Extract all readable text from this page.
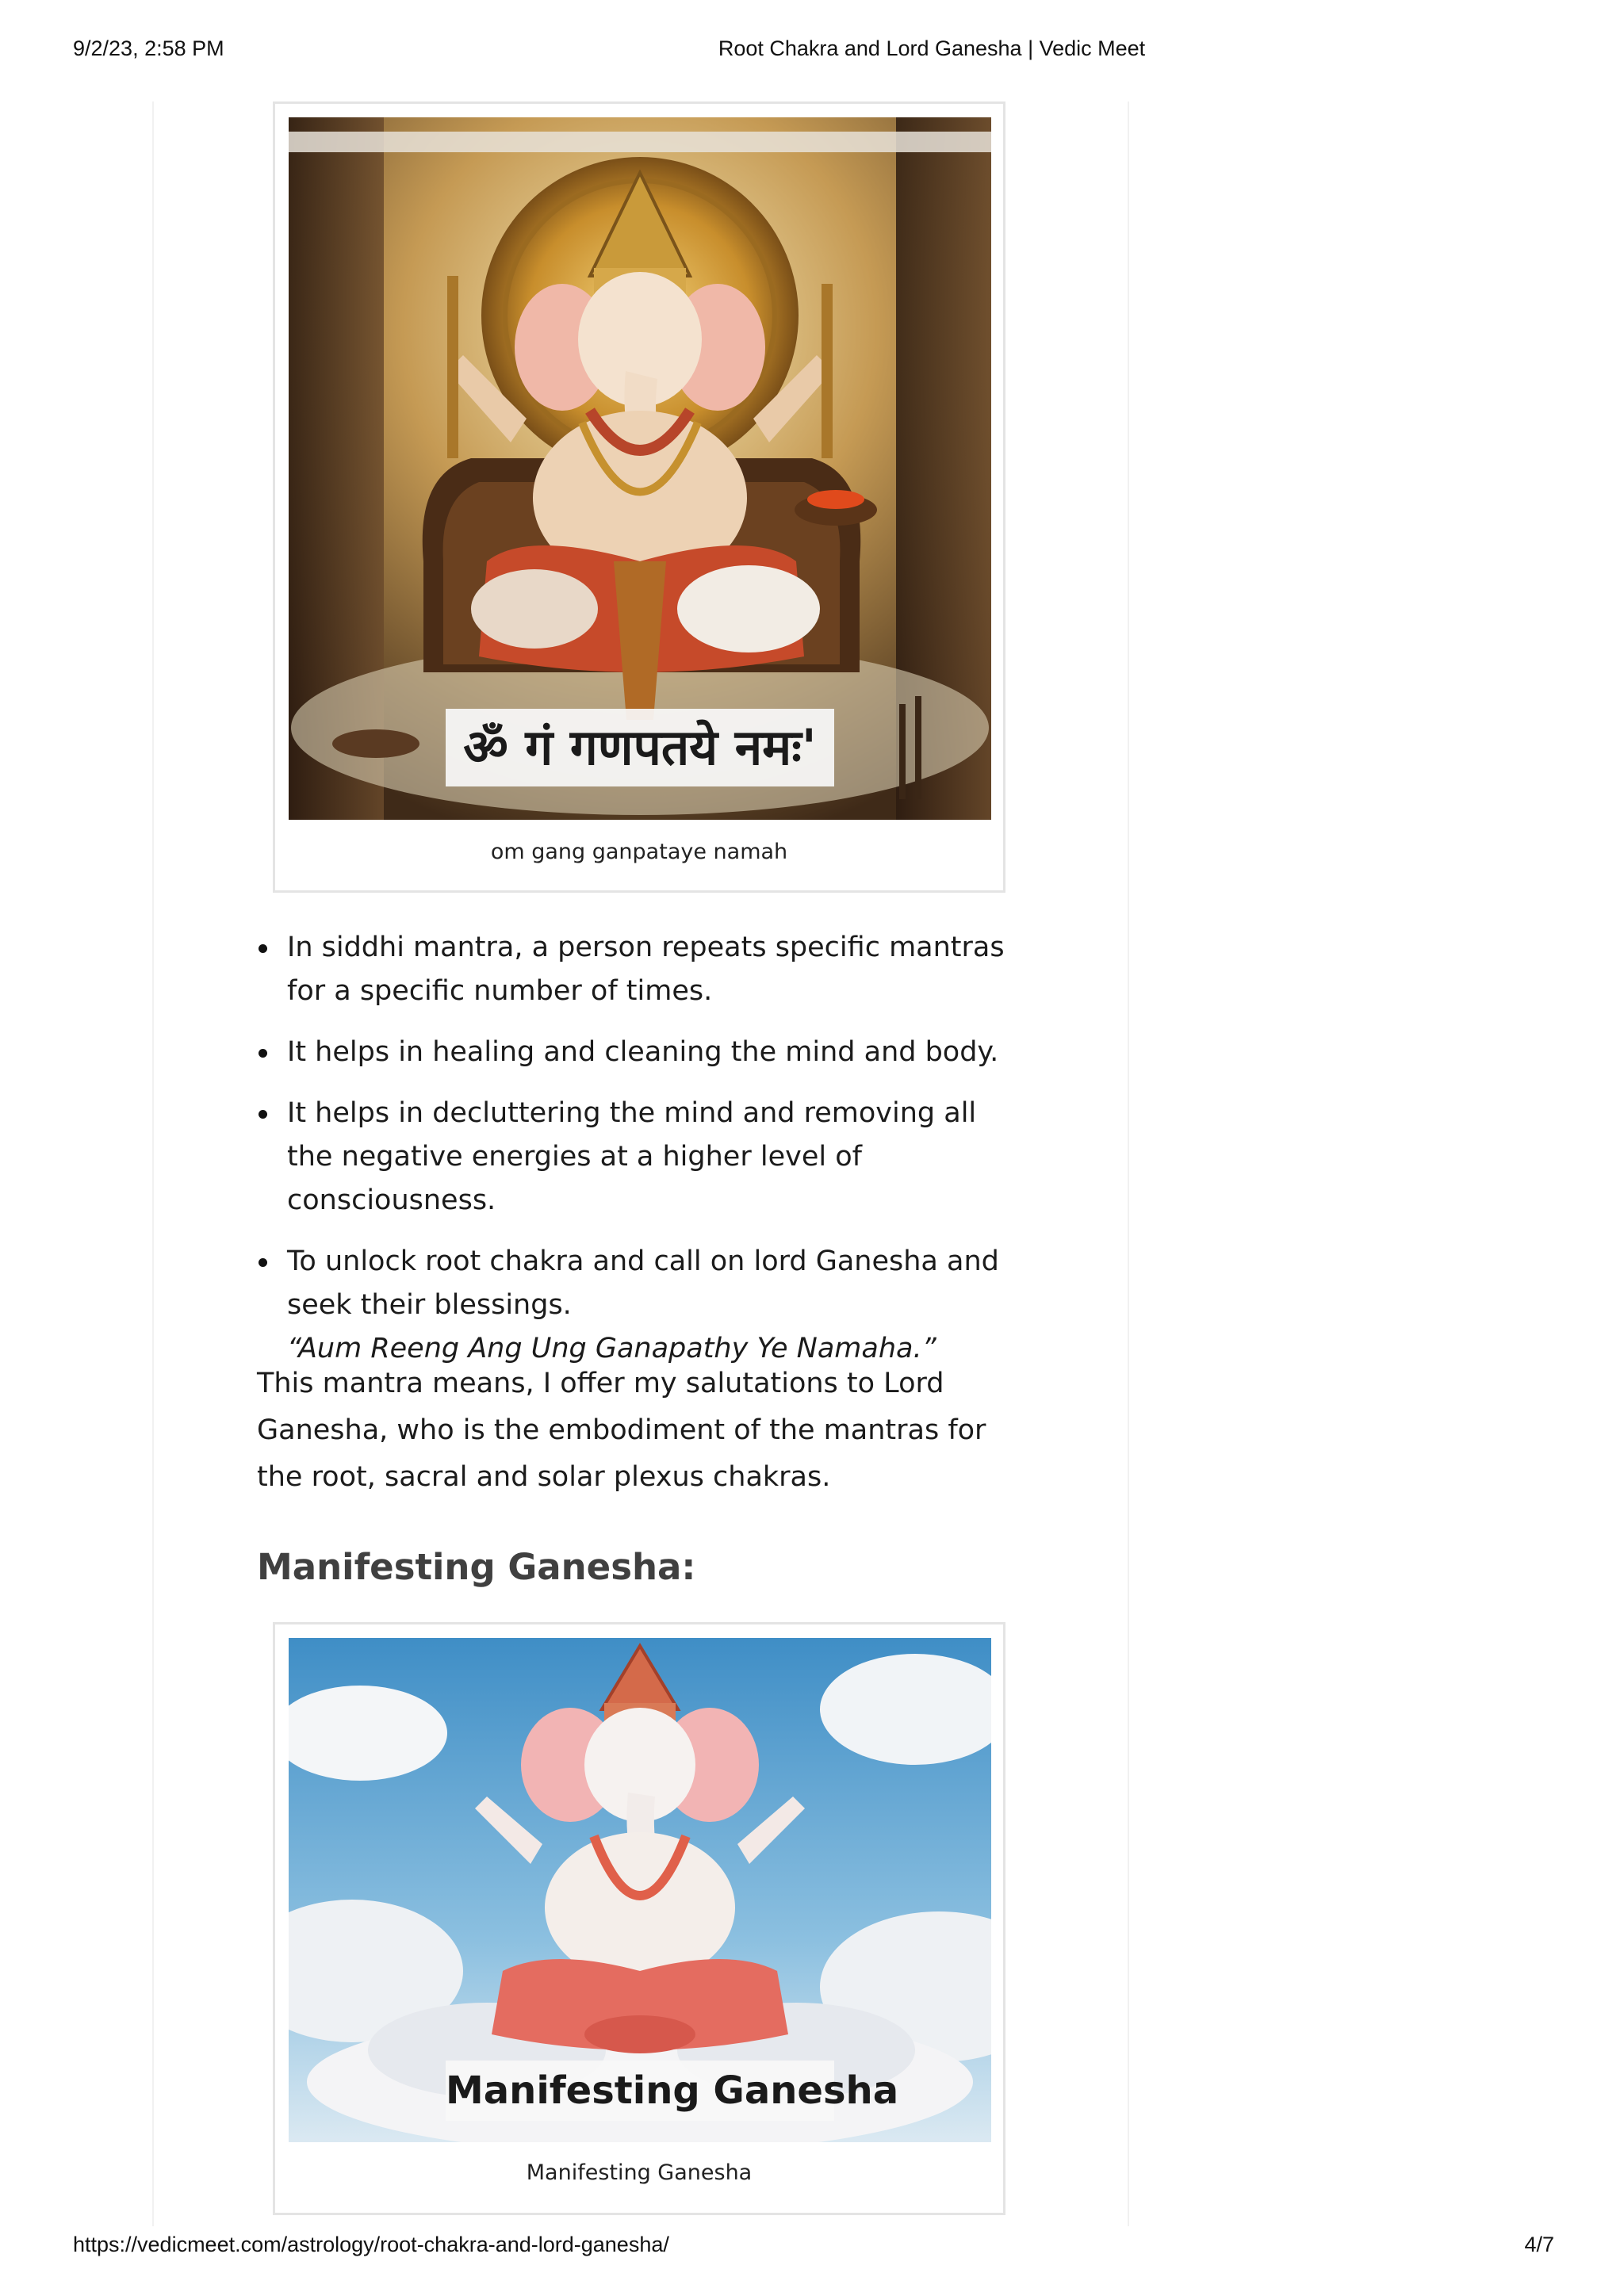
9/2/23, 2:58 PM	Root Chakra and Lord Ganesha | Vedic Meet
ॐ गं गणपतये नमः'
om gang ganpataye namah
In siddhi mantra, a person repeats specific mantras for a specific number of times.
It helps in healing and cleaning the mind and body.
It helps in decluttering the mind and removing all the negative energies at a higher level of consciousness.
To unlock root chakra and call on lord Ganesha and seek their blessings.
“Aum Reeng Ang Ung Ganapathy Ye Namaha.”

This mantra means, I offer my salutations to Lord Ganesha, who is the embodiment of the mantras for the root, sacral and solar plexus chakras.

Manifesting Ganesha:
Manifesting Ganesha
Manifesting Ganesha
https://vedicmeet.com/astrology/root-chakra-and-lord-ganesha/	4/7
